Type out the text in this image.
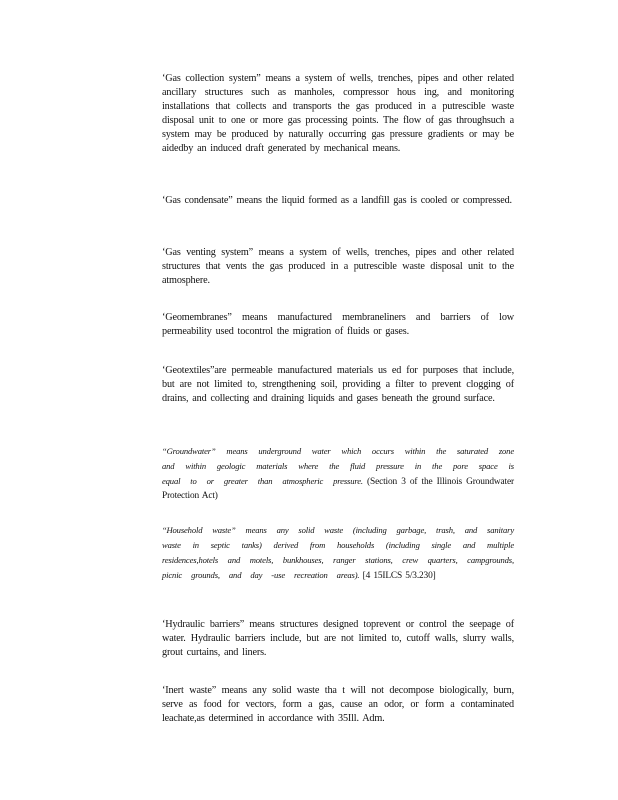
‘Gas collection system” means a system of wells, trenches, pipes and other related ancillary structures such as manholes, compressor hous ing, and monitoring installations that collects and transports the gas produced in a putrescible waste disposal unit to one or more gas processing points. The flow of gas throughsuch a system may be produced by naturally occurring gas pressure gradients or may be aidedby an induced draft generated by mechanical means.

‘Gas condensate” means the liquid formed as a landfill gas is cooled or compressed.

‘Gas venting system” means a system of wells, trenches, pipes and other related structures that vents the gas produced in a putrescible waste disposal unit to the atmosphere.

‘Geomembranes” means manufactured membraneliners and barriers of low permeability used tocontrol the migration of fluids or gases.

‘Geotextiles”are permeable manufactured materials us ed for purposes that include, but are not limited to, strengthening soil, providing a filter to prevent clogging of drains, and collecting and draining liquids and gases beneath the ground surface.

“Groundwater” means underground water which occurs within the saturated zone and within geologic materials where the fluid pressure in the pore space is equal to or greater than atmospheric pressure. (Section 3 of the Illinois Groundwater Protection Act)

‘‘Household waste” means any solid waste (including garbage, trash, and sanitary waste in septic tanks) derived from households (including single and multiple residences,hotels and motels, bunkhouses, ranger stations, crew quarters, campgrounds, picnic grounds, and day -use recreation areas). [4 15ILCS 5/3.230]

‘Hydraulic barriers” means structures designed toprevent or control the seepage of water. Hydraulic barriers include, but are not limited to, cutoff walls, slurry walls, grout curtains, and liners.

‘Inert waste” means any solid waste tha t will not decompose biologically, burn, serve as food for vectors, form a gas, cause an odor, or form a contaminated leachate,as determined in accordance with 35Ill. Adm.
